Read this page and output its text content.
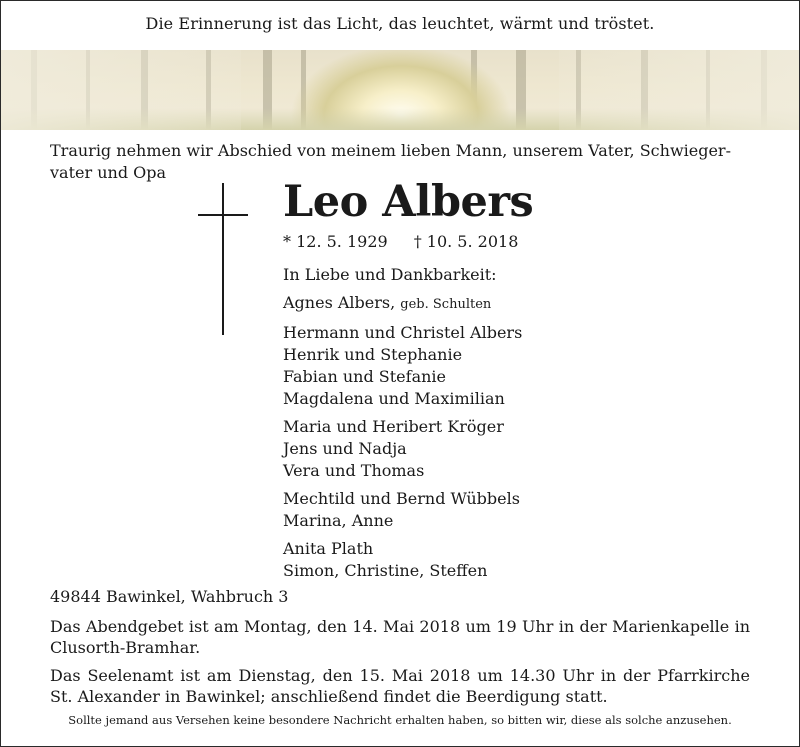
Die Erinnerung ist das Licht, das leuchtet, wärmt und tröstet.
Traurig nehmen wir Abschied von meinem lieben Mann, unserem Vater, Schwieger-
vater und Opa
Leo Albers
* 12. 5. 1929 † 10. 5. 2018
In Liebe und Dankbarkeit:
Agnes Albers, geb. Schulten
Hermann und Christel Albers
Henrik und Stephanie
Fabian und Stefanie
Magdalena und Maximilian
Maria und Heribert Kröger
Jens und Nadja
Vera und Thomas
Mechtild und Bernd Wübbels
Marina, Anne
Anita Plath
Simon, Christine, Steffen
49844 Bawinkel, Wahbruch 3
Das Abendgebet ist am Montag, den 14. Mai 2018 um 19 Uhr in der Marienkapelle in Clusorth-Bramhar.
Das Seelenamt ist am Dienstag, den 15. Mai 2018 um 14.30 Uhr in der Pfarrkirche St. Alexander in Bawinkel; anschließend findet die Beerdigung statt.
Sollte jemand aus Versehen keine besondere Nachricht erhalten haben, so bitten wir, diese als solche anzusehen.
